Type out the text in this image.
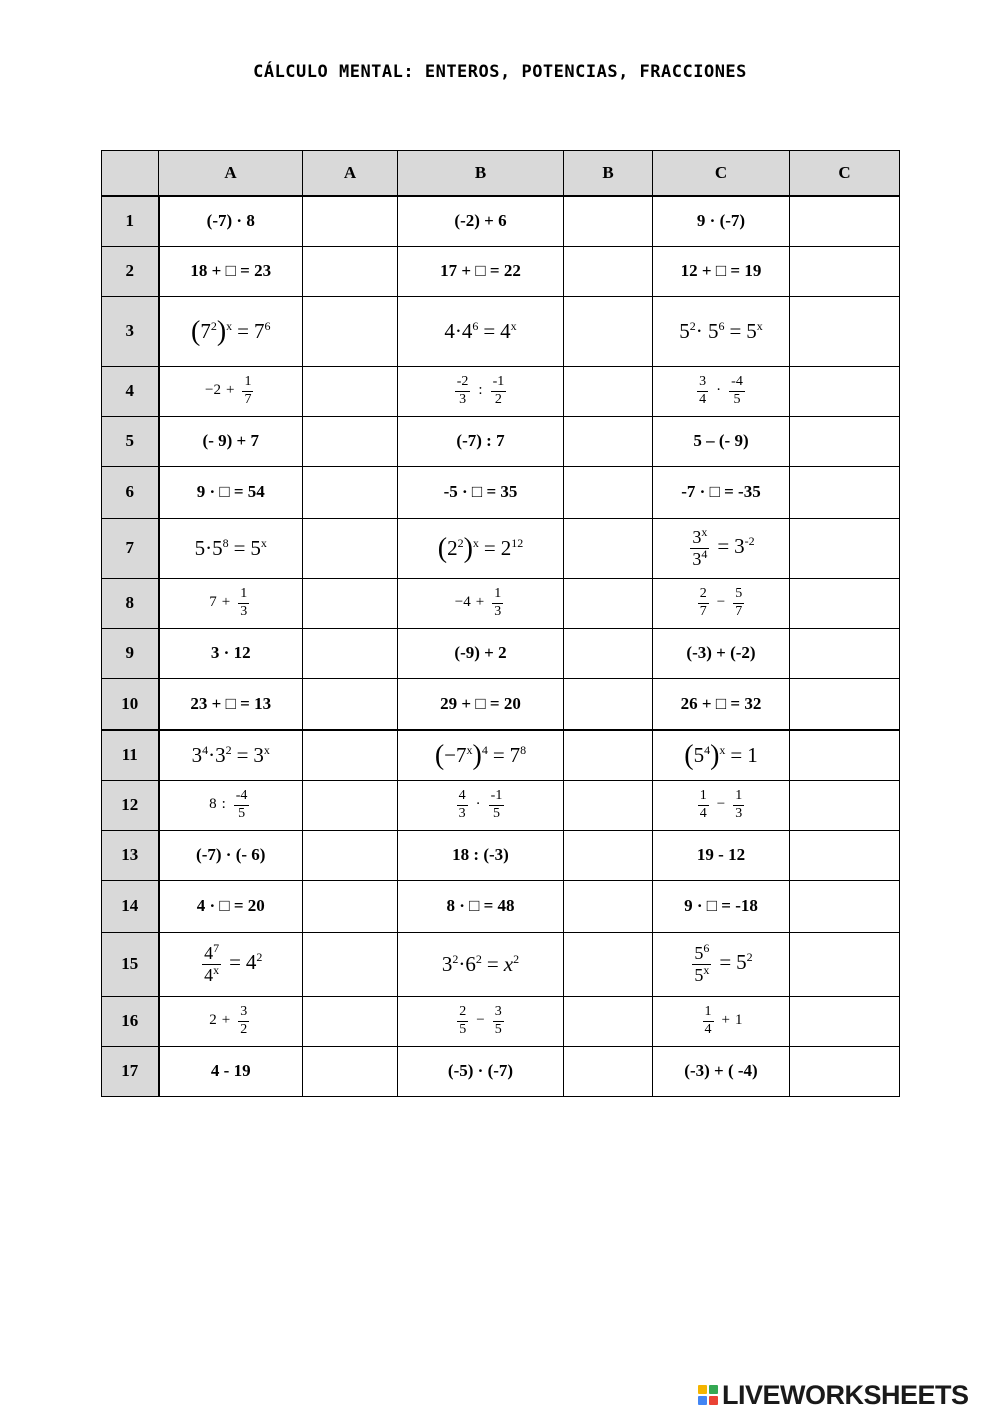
CÁLCULO MENTAL: ENTEROS, POTENCIAS, FRACCIONES
	A	A	B	B	C	C
1	(-7) · 8		(-2) + 6		9 · (-7)	
2	18 + □ = 23		17 + □ = 22		12 + □ = 19	
3	$(7^2)^x = 7^6$		$4\cdot 4^6 = 4^x$		$5^2\cdot 5^6 = 5^x$	
4	$-2 + \frac{1}{7}$		$\frac{-2}{3}$ : $\frac{-1}{2}$		$\frac{3}{4} \cdot \frac{-4}{5}$

5	(- 9) + 7		(-7) : 7		5 – (- 9)	
6	9 · □ = 54		-5 · □ = 35		-7 · □ = -35	
7	$5\cdot 5^8 = 5^x$		$(2^2)^x = 2^{12}$		$\frac{3^x}{3^4} = 3^{-2}$	
8	$7 + \frac{1}{3}$		$-4 + \frac{1}{3}$		$\frac{2}{7} - \frac{5}{7}$

9	3 · 12		(-9) + 2		(-3) + (-2)	
10	23 + □ = 13		29 + □ = 20		26 + □ = 32	
11	$3^4\cdot 3^2 = 3^x$		$(-7^x)^4 = 7^8$		$(5^4)^x = 1$	
12	8 : $\frac{-4}{5}$		$\frac{4}{3} \cdot \frac{-1}{5}$		$\frac{1}{4} - \frac{1}{3}$

13	(-7) · (- 6)		18 : (-3)		19 - 12	
14	4 · □ = 20		8 · □ = 48		9 · □ = -18	
15	$\frac{4^7}{4^x} = 4^2$		$3^2\cdot 6^2 = x^2$		$\frac{5^6}{5^x} = 5^2$	
16	$2 + \frac{3}{2}$		$\frac{2}{5} - \frac{3}{5}$		$\frac{1}{4} + 1$	
17	4 - 19		(-5) · (-7)		(-3) + ( -4)	
LIVEWORKSHEETS
